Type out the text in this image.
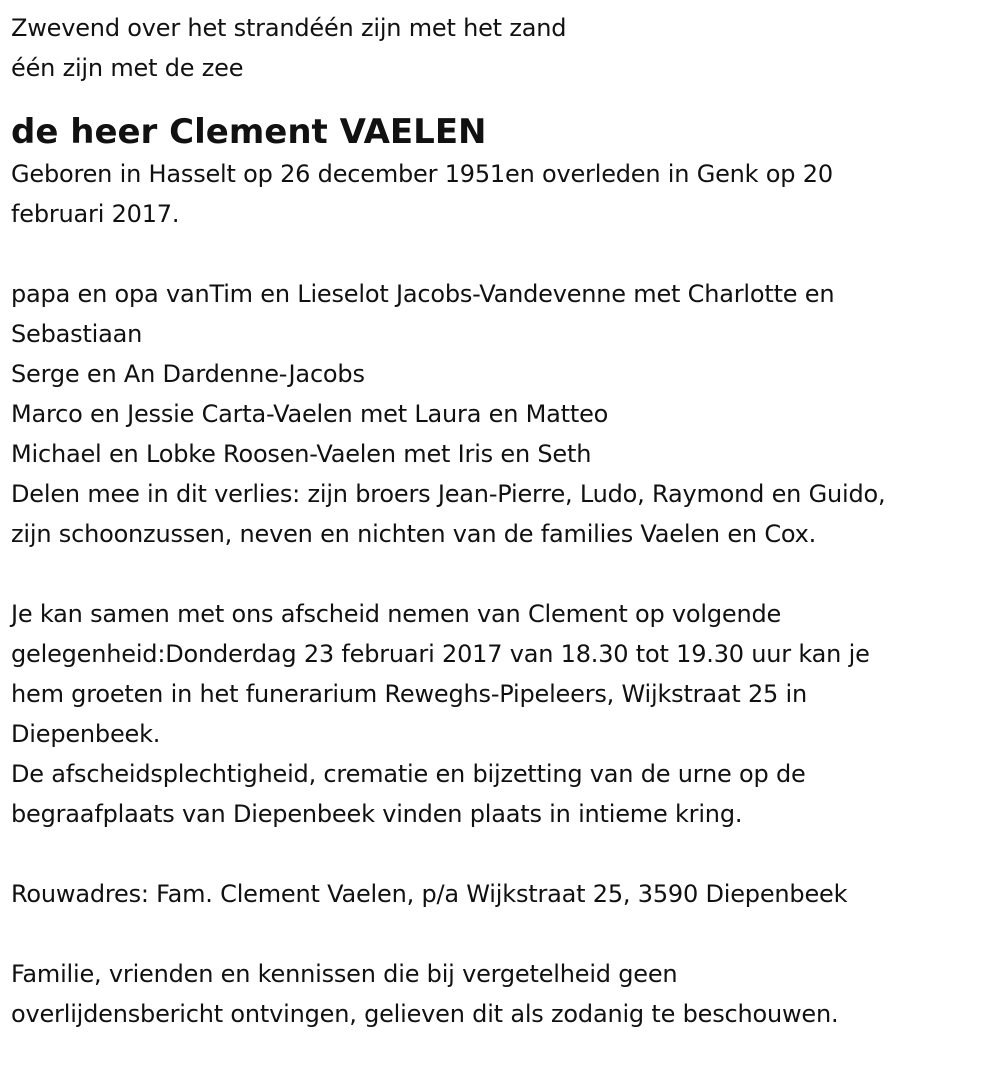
Zwevend over het strandéén zijn met het zand
één zijn met de zee
de heer Clement VAELEN
Geboren in Hasselt op 26 december 1951en overleden in Genk op 20
februari 2017.
papa en opa vanTim en Lieselot Jacobs-Vandevenne met Charlotte en
Sebastiaan
Serge en An Dardenne-Jacobs
Marco en Jessie Carta-Vaelen met Laura en Matteo
Michael en Lobke Roosen-Vaelen met Iris en Seth
Delen mee in dit verlies: zijn broers Jean-Pierre, Ludo, Raymond en Guido,
zijn schoonzussen, neven en nichten van de families Vaelen en Cox.
Je kan samen met ons afscheid nemen van Clement op volgende
gelegenheid:Donderdag 23 februari 2017 van 18.30 tot 19.30 uur kan je
hem groeten in het funerarium Reweghs-Pipeleers, Wijkstraat 25 in
Diepenbeek.
De afscheidsplechtigheid, crematie en bijzetting van de urne op de
begraafplaats van Diepenbeek vinden plaats in intieme kring.
Rouwadres: Fam. Clement Vaelen, p/a Wijkstraat 25, 3590 Diepenbeek
Familie, vrienden en kennissen die bij vergetelheid geen
overlijdensbericht ontvingen, gelieven dit als zodanig te beschouwen.
